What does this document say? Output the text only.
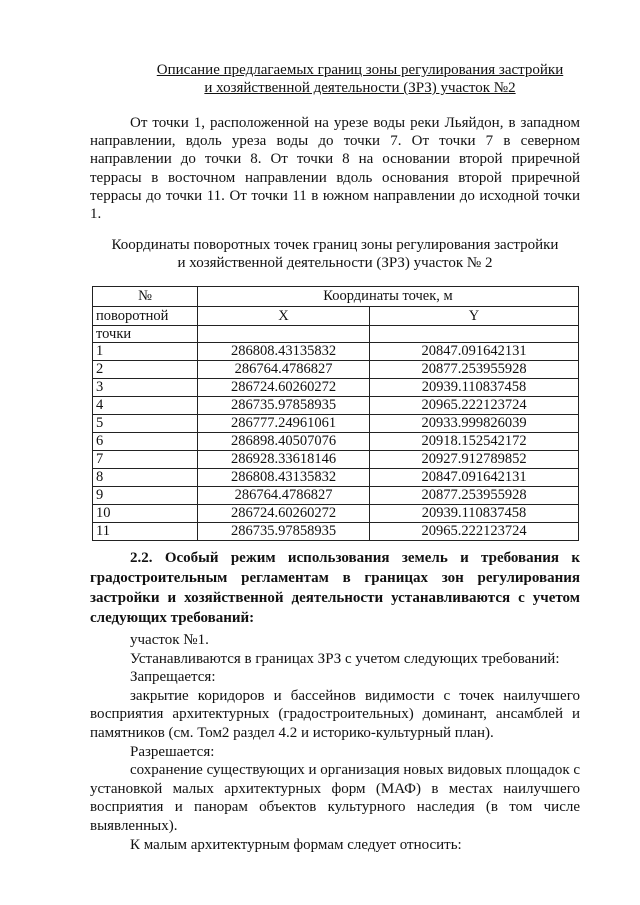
Описание предлагаемых границ зоны регулирования застройки
и хозяйственной деятельности (ЗРЗ) участок №2
От точки 1, расположенной на урезе воды реки Льяйдон, в западном направлении, вдоль уреза воды до точки 7. От точки 7 в северном направлении до точки 8. От точки 8 на основании второй приречной террасы в восточном направлении вдоль основания второй приречной террасы до точки 11. От точки 11 в южном направлении до исходной точки 1.
Координаты поворотных точек границ зоны регулирования застройки
и хозяйственной деятельности (ЗРЗ) участок № 2
№	Координаты точек, м	
поворотной	X	Y
точки		
1	286808.43135832	20847.091642131
2	286764.4786827	20877.253955928
3	286724.60260272	20939.110837458
4	286735.97858935	20965.222123724
5	286777.24961061	20933.999826039
6	286898.40507076	20918.152542172
7	286928.33618146	20927.912789852
8	286808.43135832	20847.091642131
9	286764.4786827	20877.253955928
10	286724.60260272	20939.110837458
11	286735.97858935	20965.222123724
2.2. Особый режим использования земель и требования к градостроительным регламентам в границах зон регулирования застройки и хозяйственной деятельности устанавливаются с учетом следующих требований:

участок №1.

Устанавливаются в границах ЗРЗ с учетом следующих требований:

Запрещается:

закрытие коридоров и бассейнов видимости с точек наилучшего восприятия архитектурных (градостроительных) доминант, ансамблей и памятников (см. Том2 раздел 4.2 и историко-культурный план).

Разрешается:

сохранение существующих и организация новых видовых площадок с установкой малых архитектурных форм (МАФ) в местах наилучшего восприятия и панорам объектов культурного наследия (в том числе выявленных).

К малым архитектурным формам следует относить:
